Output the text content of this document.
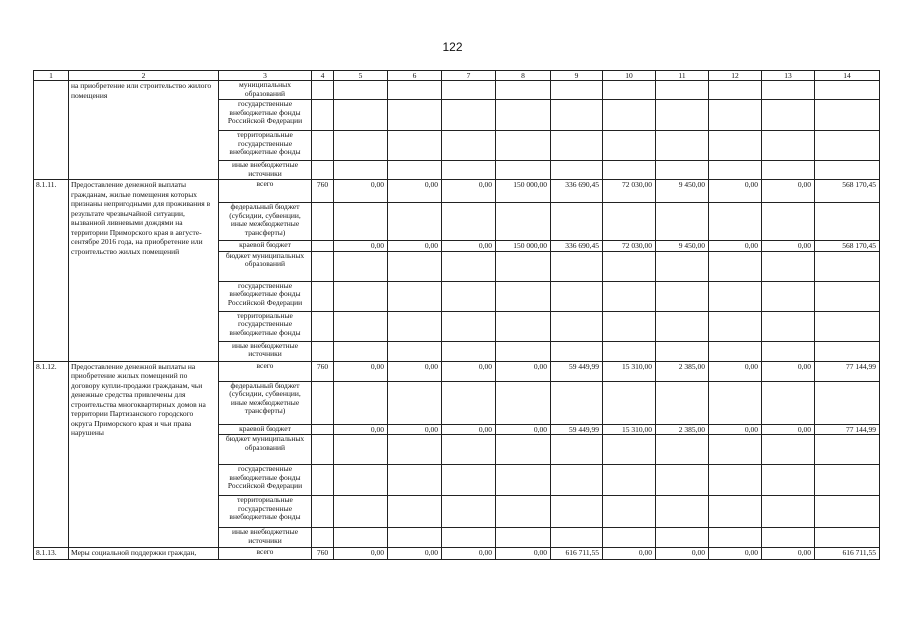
122
1	2	3	4	5	6	7	8	9	10	11	12	13	14
	на приобретение или строительство жилого помещения	муниципальных образований											
		государственные внебюджетные фонды Российской Федерации											
		территориальные государственные внебюджетные фонды											
		иные внебюджетные источники											
8.1.11.	Предоставление денежной выплаты гражданам, жилые помещения которых признаны непригодными для проживания в результате чрезвычайной ситуации, вызванной ливневыми дождями на территории Приморского края в августе-сентябре 2016 года, на приобретение или строительство жилых помещений	всего	760	0,00	0,00	0,00	150 000,00	336 690,45	72 030,00	9 450,00	0,00	0,00	568 170,45
		федеральный бюджет (субсидии, субвенции, иные межбюджетные трансферты)											
		краевой бюджет		0,00	0,00	0,00	150 000,00	336 690,45	72 030,00	9 450,00	0,00	0,00	568 170,45
		бюджет муниципальных образований											
		государственные внебюджетные фонды Российской Федерации											
		территориальные государственные внебюджетные фонды											
		иные внебюджетные источники											
8.1.12.	Предоставление денежной выплаты на приобретение жилых помещений по договору купли-продажи гражданам, чьи денежные средства привлечены для строительства многоквартирных домов на территории Партизанского городского округа Приморского края и чьи права нарушены	всего	760	0,00	0,00	0,00	0,00	59 449,99	15 310,00	2 385,00	0,00	0,00	77 144,99
		федеральный бюджет (субсидии, субвенции, иные межбюджетные трансферты)											
		краевой бюджет		0,00	0,00	0,00	0,00	59 449,99	15 310,00	2 385,00	0,00	0,00	77 144,99
		бюджет муниципальных образований											
		государственные внебюджетные фонды Российской Федерации											
		территориальные государственные внебюджетные фонды											
		иные внебюджетные источники											
8.1.13.	Меры социальной поддержки граждан,	всего	760	0,00	0,00	0,00	0,00	616 711,55	0,00	0,00	0,00	0,00	616 711,55
